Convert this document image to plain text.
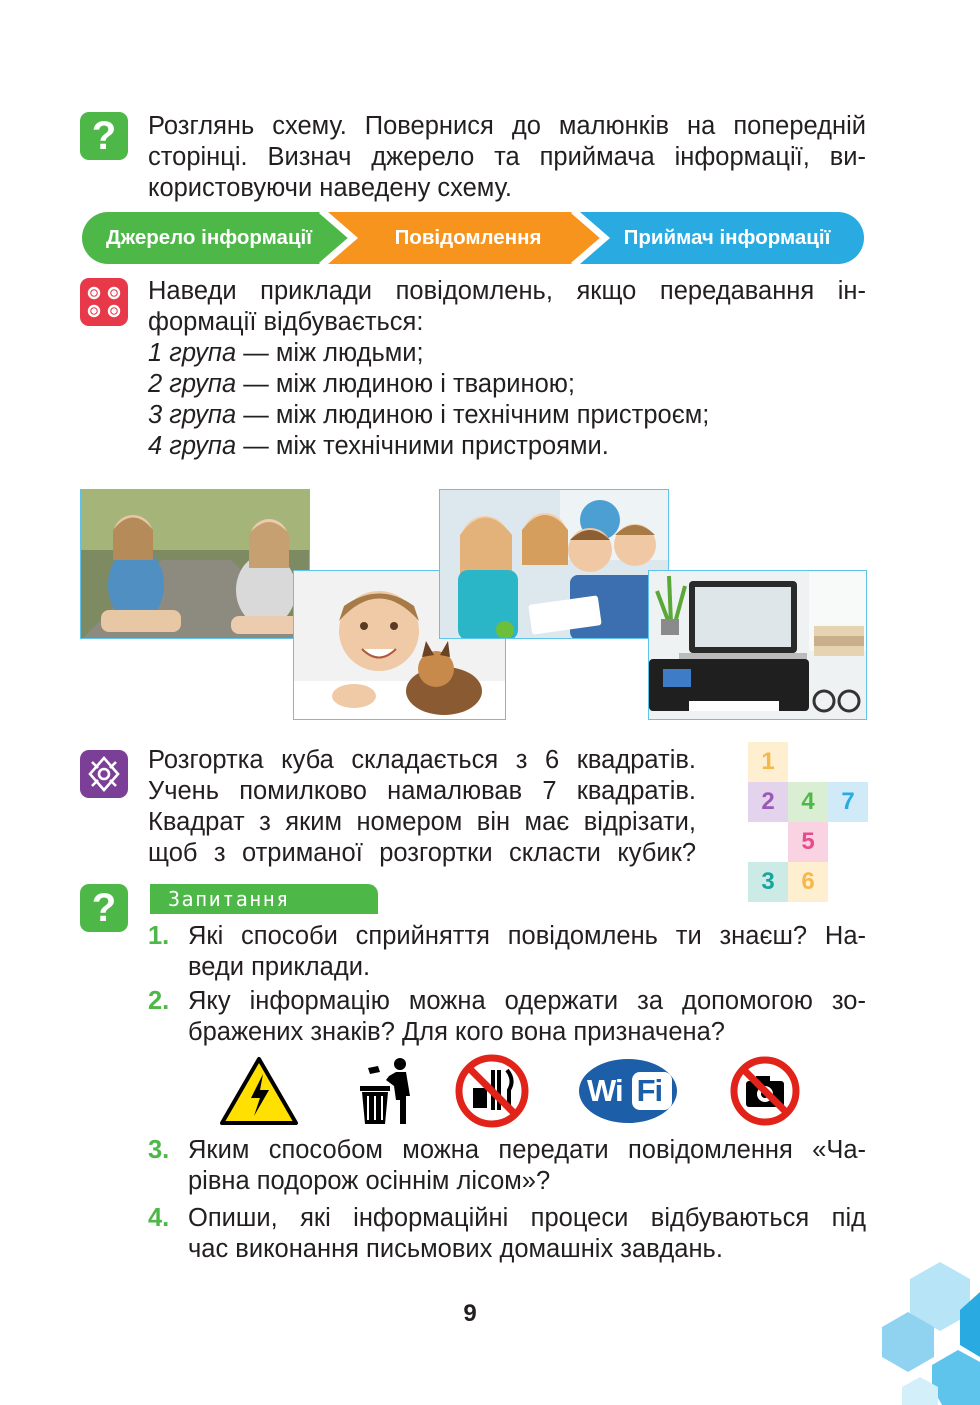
?	Розглянь схему. Повернися до малюнків на попередній
сторінці. Визнач джерело та приймача інформації, ви-
користовуючи наведену схему.
Джерело інформації	Повідомлення	Приймач інформації
Наведи приклади повідомлень, якщо передавання ін-
формації відбувається:
1 група — між людьми;
2 група — між людиною і твариною;
3 група — між людиною і технічним пристроєм;
4 група — між технічними пристроями.
Розгортка куба складається з 6 квадратів.
Учень помилково намалював 7 квадратів.
Квадрат з яким номером він має відрізати,
щоб з отриманої розгортки скласти кубик?
1
2	4	7
5
3	6
?	Запитання
1. Які способи сприйняття повідомлень ти знаєш? На-
веди приклади.
2. Яку інформацію можна одержати за допомогою зо-
бражених знаків? Для кого вона призначена?
Wi Fi
3. Яким способом можна передати повідомлення «Ча-
рівна подорож осіннім лісом»?
4. Опиши, які інформаційні процеси відбуваються під
час виконання письмових домашніх завдань.
9
